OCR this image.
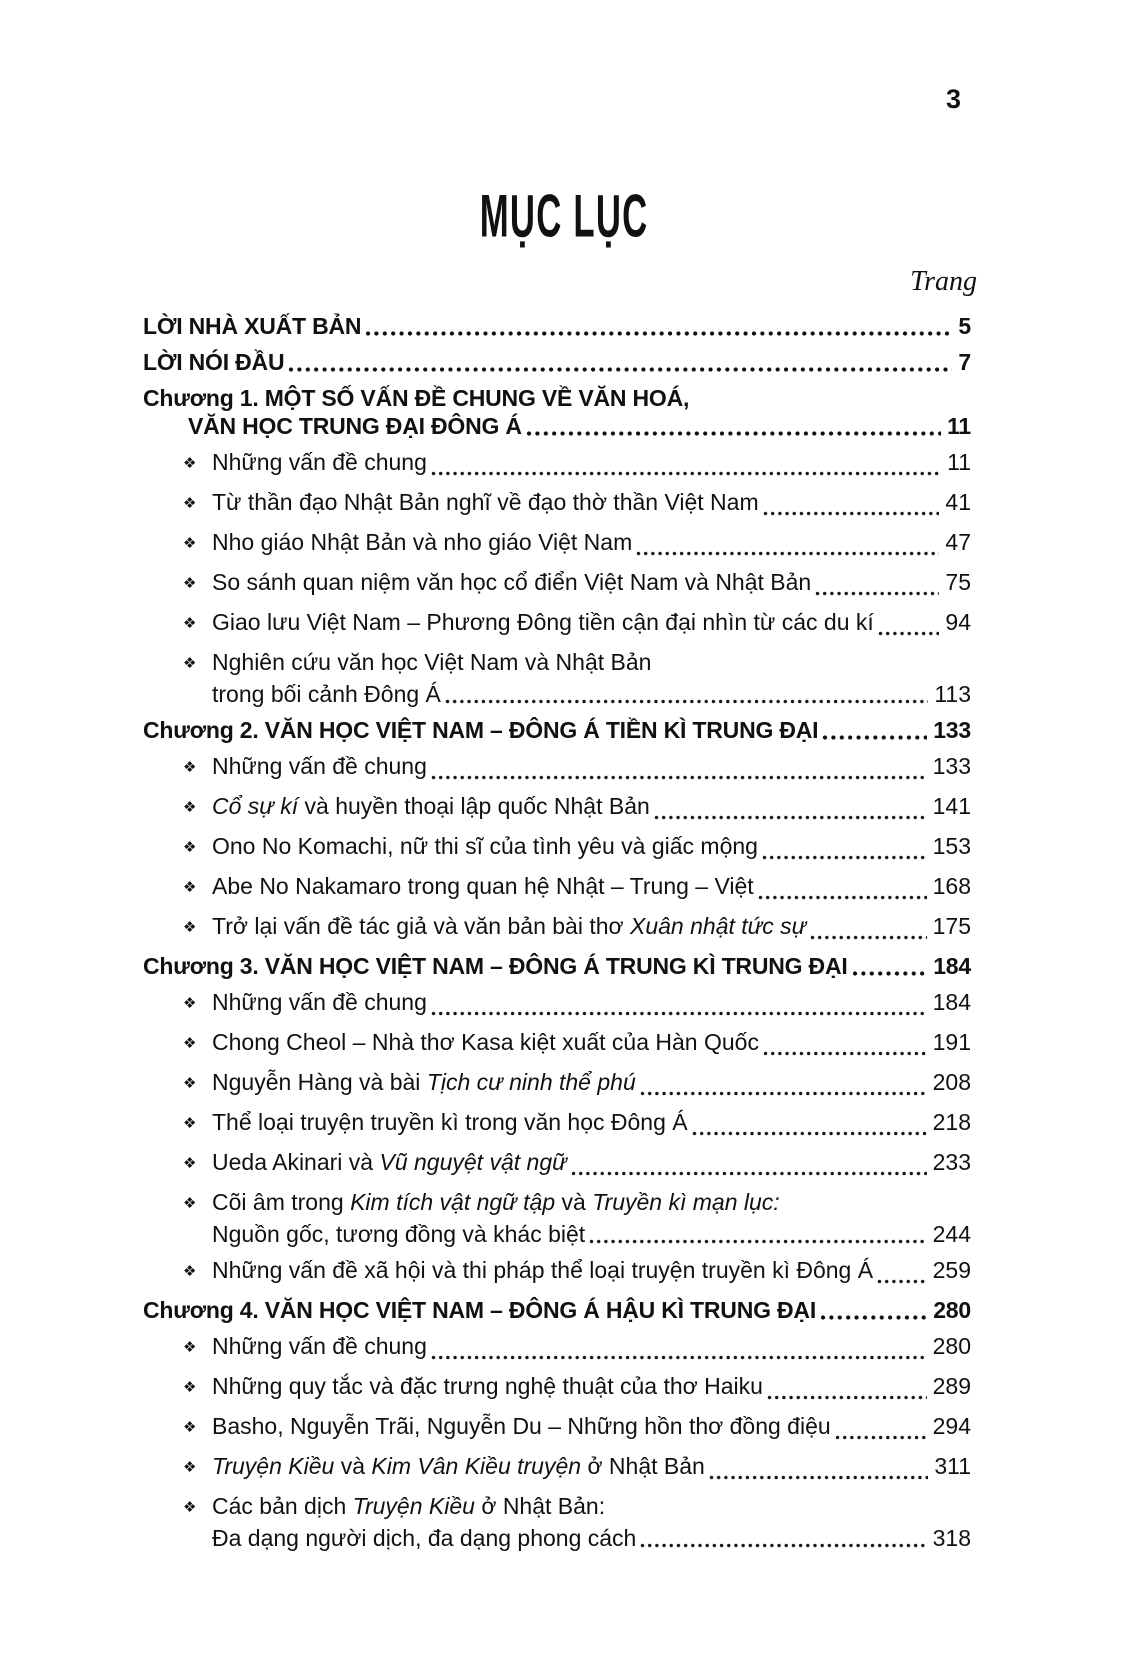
3
MỤC LỤC
Trang
LỜI NHÀ XUẤT BẢN	5
LỜI NÓI ĐẦU	7
Chương 1. MỘT SỐ VẤN ĐỀ CHUNG VỀ VĂN HOÁ,
VĂN HỌC TRUNG ĐẠI ĐÔNG Á	11
❖ Những vấn đề chung	11
❖ Từ thần đạo Nhật Bản nghĩ về đạo thờ thần Việt Nam	41
❖ Nho giáo Nhật Bản và nho giáo Việt Nam	47
❖ So sánh quan niệm văn học cổ điển Việt Nam và Nhật Bản	75
❖ Giao lưu Việt Nam – Phương Đông tiền cận đại nhìn từ các du kí	94
❖ Nghiên cứu văn học Việt Nam và Nhật Bản
trong bối cảnh Đông Á	113
Chương 2. VĂN HỌC VIỆT NAM – ĐÔNG Á TIỀN KÌ TRUNG ĐẠI	133
❖ Những vấn đề chung	133
❖ Cổ sự kí và huyền thoại lập quốc Nhật Bản	141
❖ Ono No Komachi, nữ thi sĩ của tình yêu và giấc mộng	153
❖ Abe No Nakamaro trong quan hệ Nhật – Trung – Việt	168
❖ Trở lại vấn đề tác giả và văn bản bài thơ Xuân nhật tức sự	175
Chương 3. VĂN HỌC VIỆT NAM – ĐÔNG Á TRUNG KÌ TRUNG ĐẠI	184
❖ Những vấn đề chung	184
❖ Chong Cheol – Nhà thơ Kasa kiệt xuất của Hàn Quốc	191
❖ Nguyễn Hàng và bài Tịch cư ninh thể phú	208
❖ Thể loại truyện truyền kì trong văn học Đông Á	218
❖ Ueda Akinari và Vũ nguyệt vật ngữ	233
❖ Cõi âm trong Kim tích vật ngữ tập và Truyền kì mạn lục:
Nguồn gốc, tương đồng và khác biệt	244
❖ Những vấn đề xã hội và thi pháp thể loại truyện truyền kì Đông Á	259
Chương 4. VĂN HỌC VIỆT NAM – ĐÔNG Á HẬU KÌ TRUNG ĐẠI	280
❖ Những vấn đề chung	280
❖ Những quy tắc và đặc trưng nghệ thuật của thơ Haiku	289
❖ Basho, Nguyễn Trãi, Nguyễn Du – Những hồn thơ đồng điệu	294
❖ Truyện Kiều và Kim Vân Kiều truyện ở Nhật Bản	311
❖ Các bản dịch Truyện Kiều ở Nhật Bản:
Đa dạng người dịch, đa dạng phong cách	318
